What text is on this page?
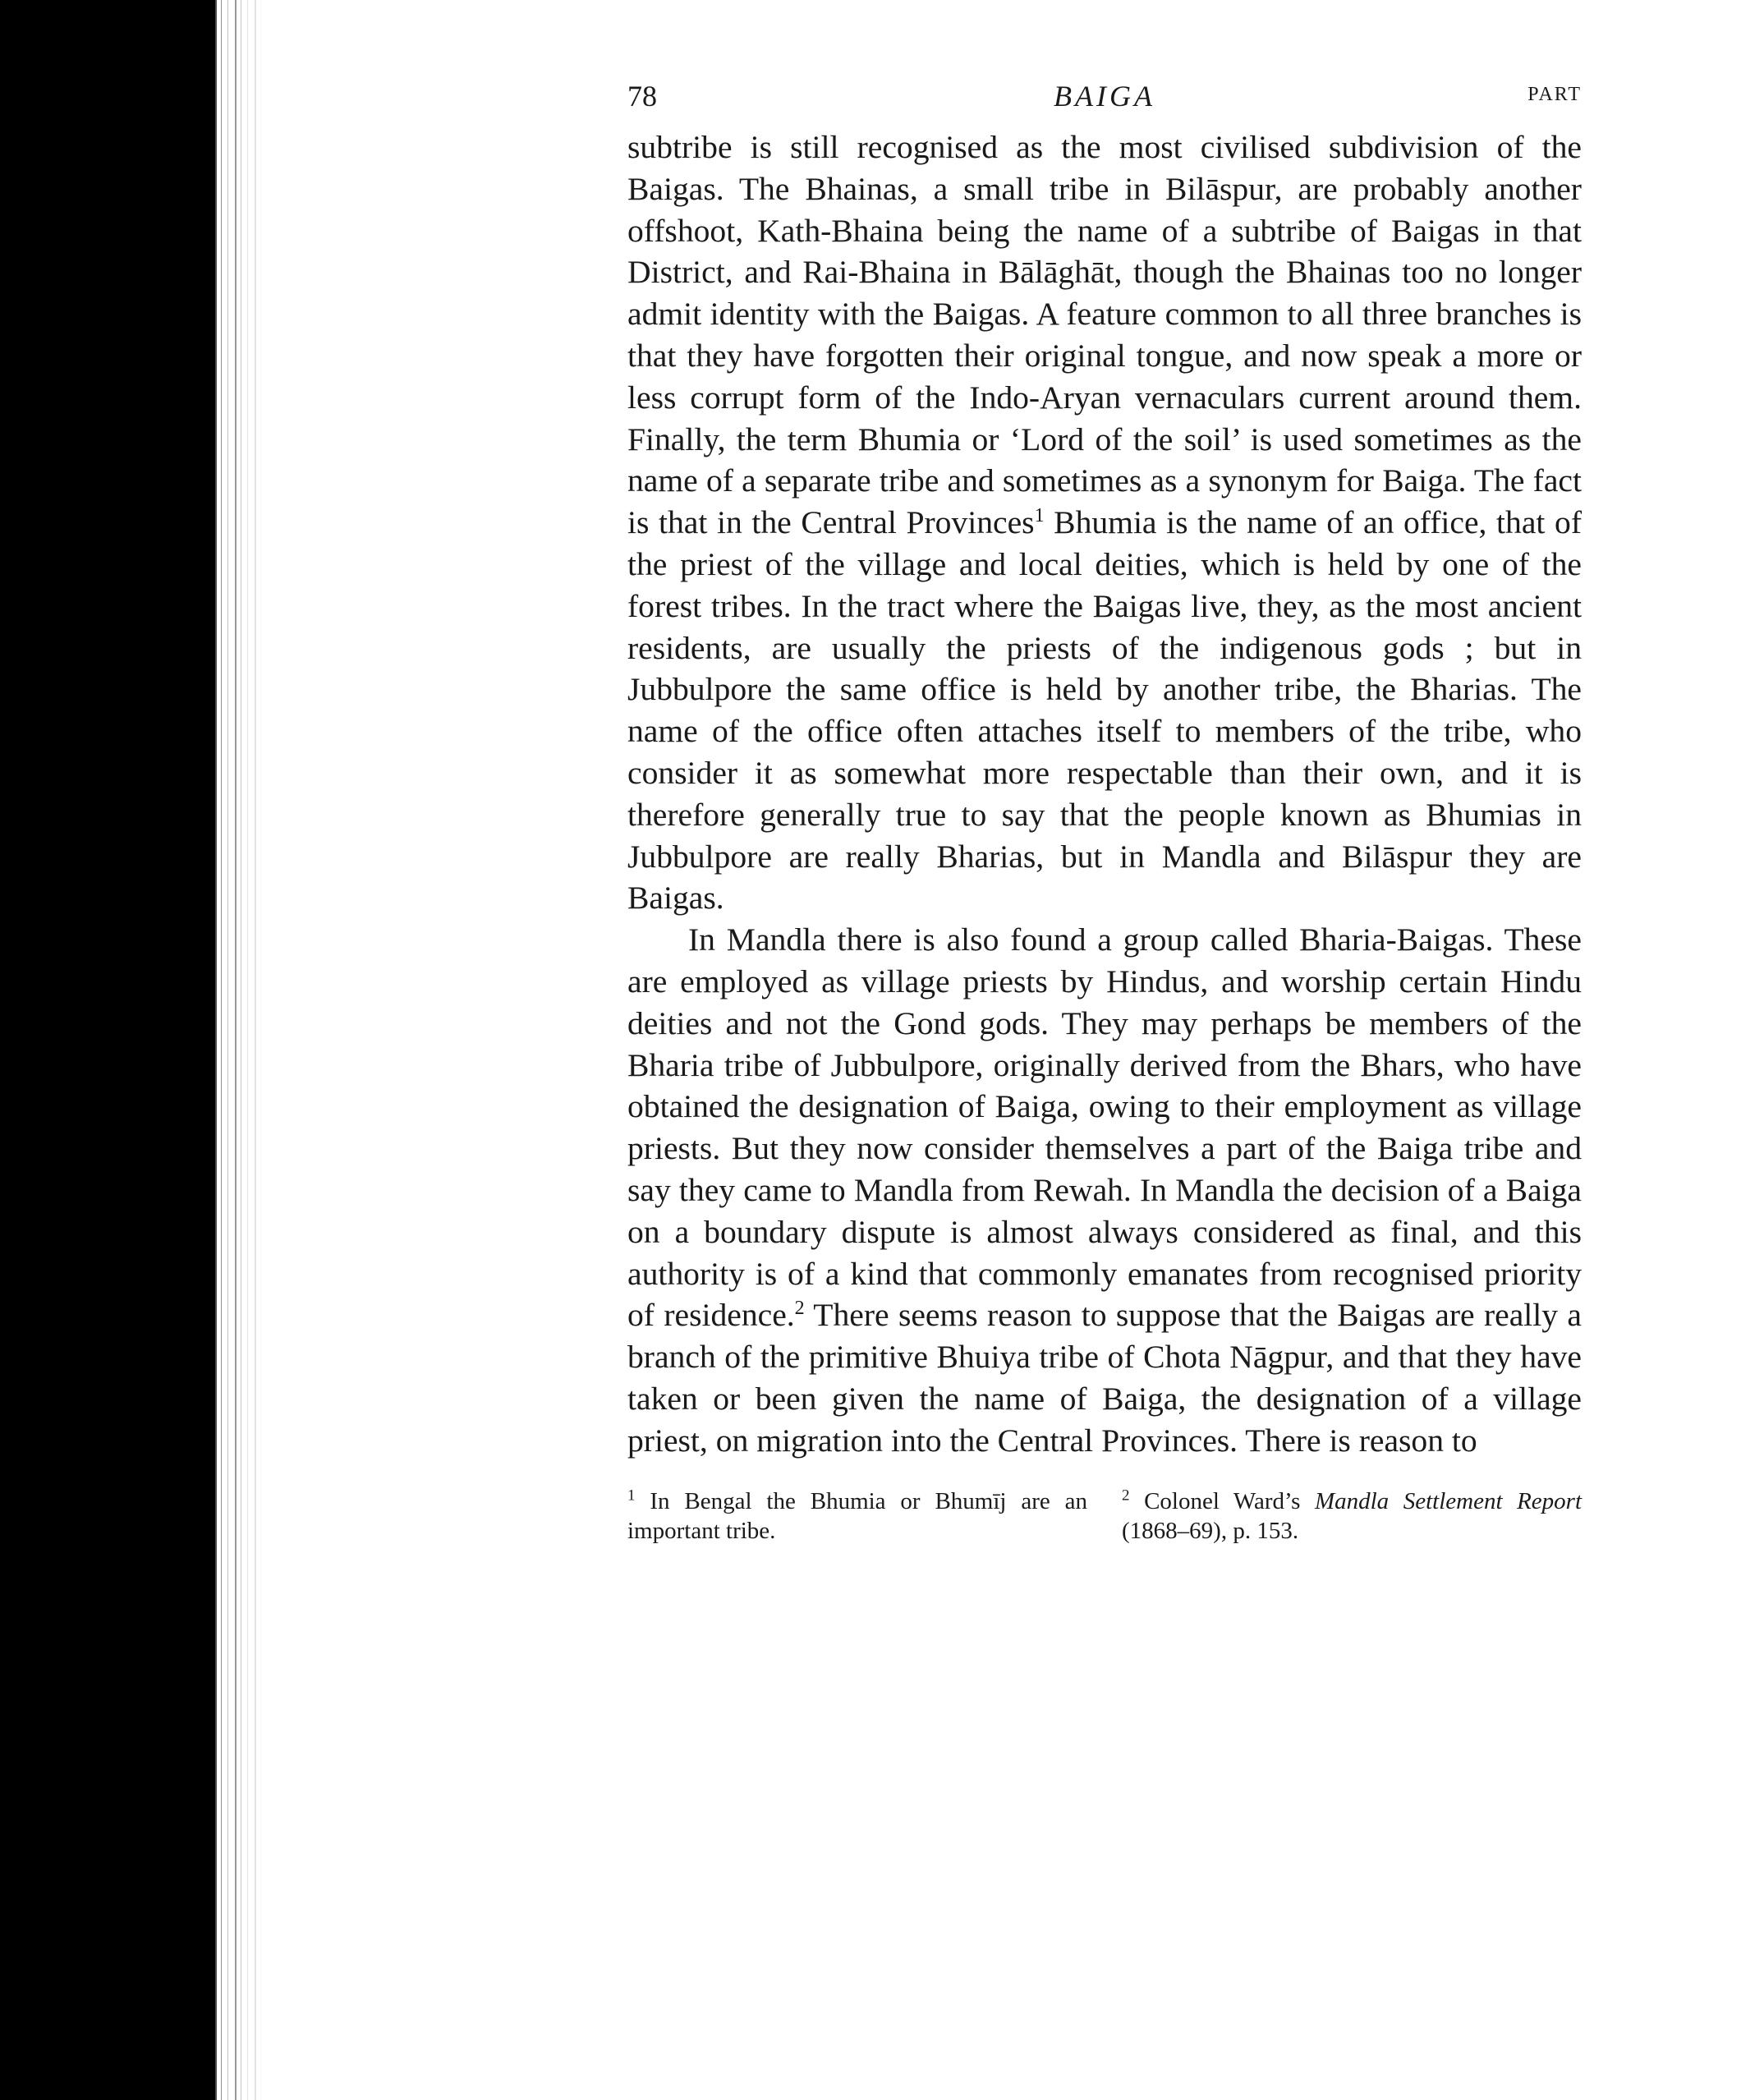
78	BAIGA	PART

subtribe is still recognised as the most civilised subdivision of the Baigas. The Bhainas, a small tribe in Bilāspur, are probably another offshoot, Kath-Bhaina being the name of a subtribe of Baigas in that District, and Rai-Bhaina in Bālāghāt, though the Bhainas too no longer admit identity with the Baigas. A feature common to all three branches is that they have forgotten their original tongue, and now speak a more or less corrupt form of the Indo-Aryan vernaculars current around them. Finally, the term Bhumia or ‘Lord of the soil’ is used sometimes as the name of a separate tribe and sometimes as a synonym for Baiga. The fact is that in the Central Provinces$^1$ Bhumia is the name of an office, that of the priest of the village and local deities, which is held by one of the forest tribes. In the tract where the Baigas live, they, as the most ancient residents, are usually the priests of the indigenous gods ; but in Jubbulpore the same office is held by another tribe, the Bharias. The name of the office often attaches itself to members of the tribe, who consider it as somewhat more respectable than their own, and it is therefore generally true to say that the people known as Bhumias in Jubbulpore are really Bharias, but in Mandla and Bilāspur they are Baigas.

In Mandla there is also found a group called Bharia-Baigas. These are employed as village priests by Hindus, and worship certain Hindu deities and not the Gond gods. They may perhaps be members of the Bharia tribe of Jubbulpore, originally derived from the Bhars, who have obtained the designation of Baiga, owing to their employment as village priests. But they now consider themselves a part of the Baiga tribe and say they came to Mandla from Rewah. In Mandla the decision of a Baiga on a boundary dispute is almost always considered as final, and this authority is of a kind that commonly emanates from recognised priority of residence.$^2$ There seems reason to suppose that the Baigas are really a branch of the primitive Bhuiya tribe of Chota Nāgpur, and that they have taken or been given the name of Baiga, the designation of a village priest, on migration into the Central Provinces. There is reason to

$^1$ In Bengal the Bhumia or Bhumīj are an important tribe.
$^2$ Colonel Ward’s Mandla Settlement Report (1868–69), p. 153.
